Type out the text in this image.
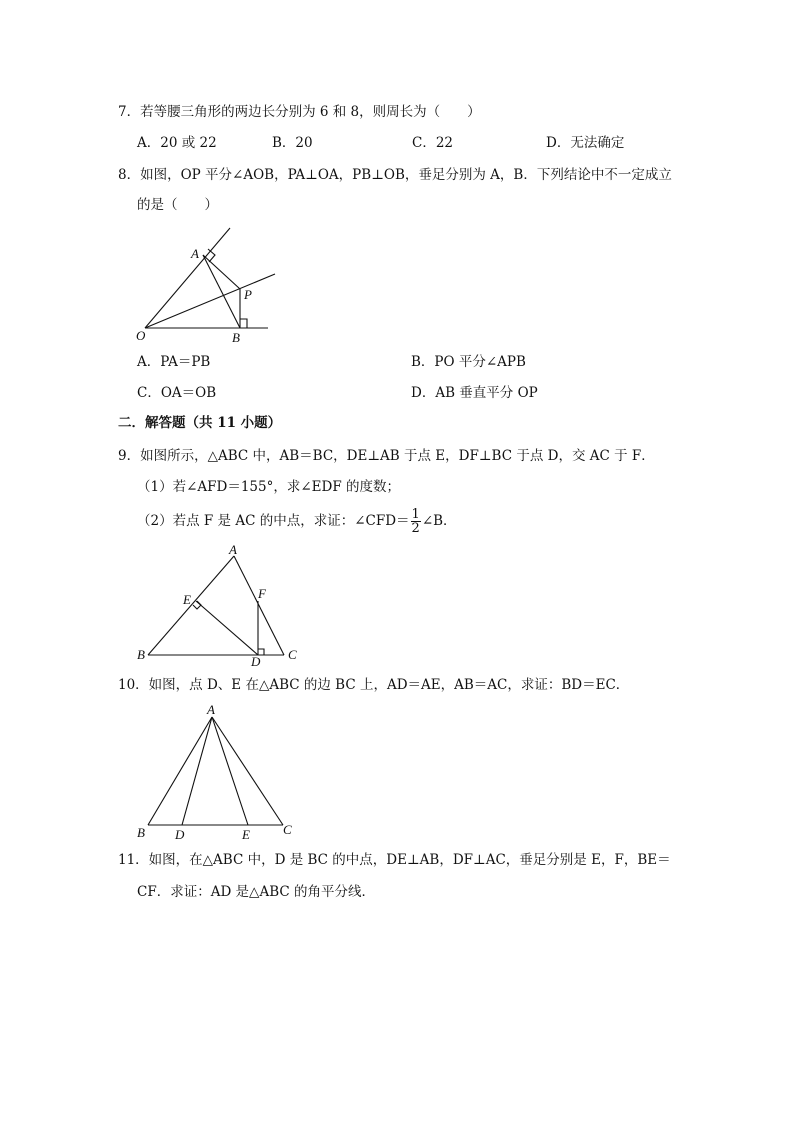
7．若等腰三角形的两边长分别为 6 和 8，则周长为（　　）
A．20 或 22	B．20	C．22	D．无法确定
8．如图，OP 平分∠AOB，PA⊥OA，PB⊥OB，垂足分别为 A，B．下列结论中不一定成立
的是（　　）
A
P
O	B
A．PA＝PB	B．PO 平分∠APB
C．OA＝OB	D．AB 垂直平分 OP
二．解答题（共 11 小题）
9．如图所示，△ABC 中，AB＝BC，DE⊥AB 于点 E，DF⊥BC 于点 D，交 AC 于 F．
（1）若∠AFD＝155°，求∠EDF 的度数；
（2）若点 F 是 AC 的中点，求证：∠CFD＝ $\frac{1}{2}$ ∠B．
A
E	F
B	D C
10．如图，点 D、E 在△ABC 的边 BC 上，AD＝AE，AB＝AC，求证：BD＝EC．
A
B D	E	C
11．如图，在△ABC 中，D 是 BC 的中点，DE⊥AB，DF⊥AC，垂足分别是 E，F，BE＝
CF．求证：AD 是△ABC 的角平分线．
